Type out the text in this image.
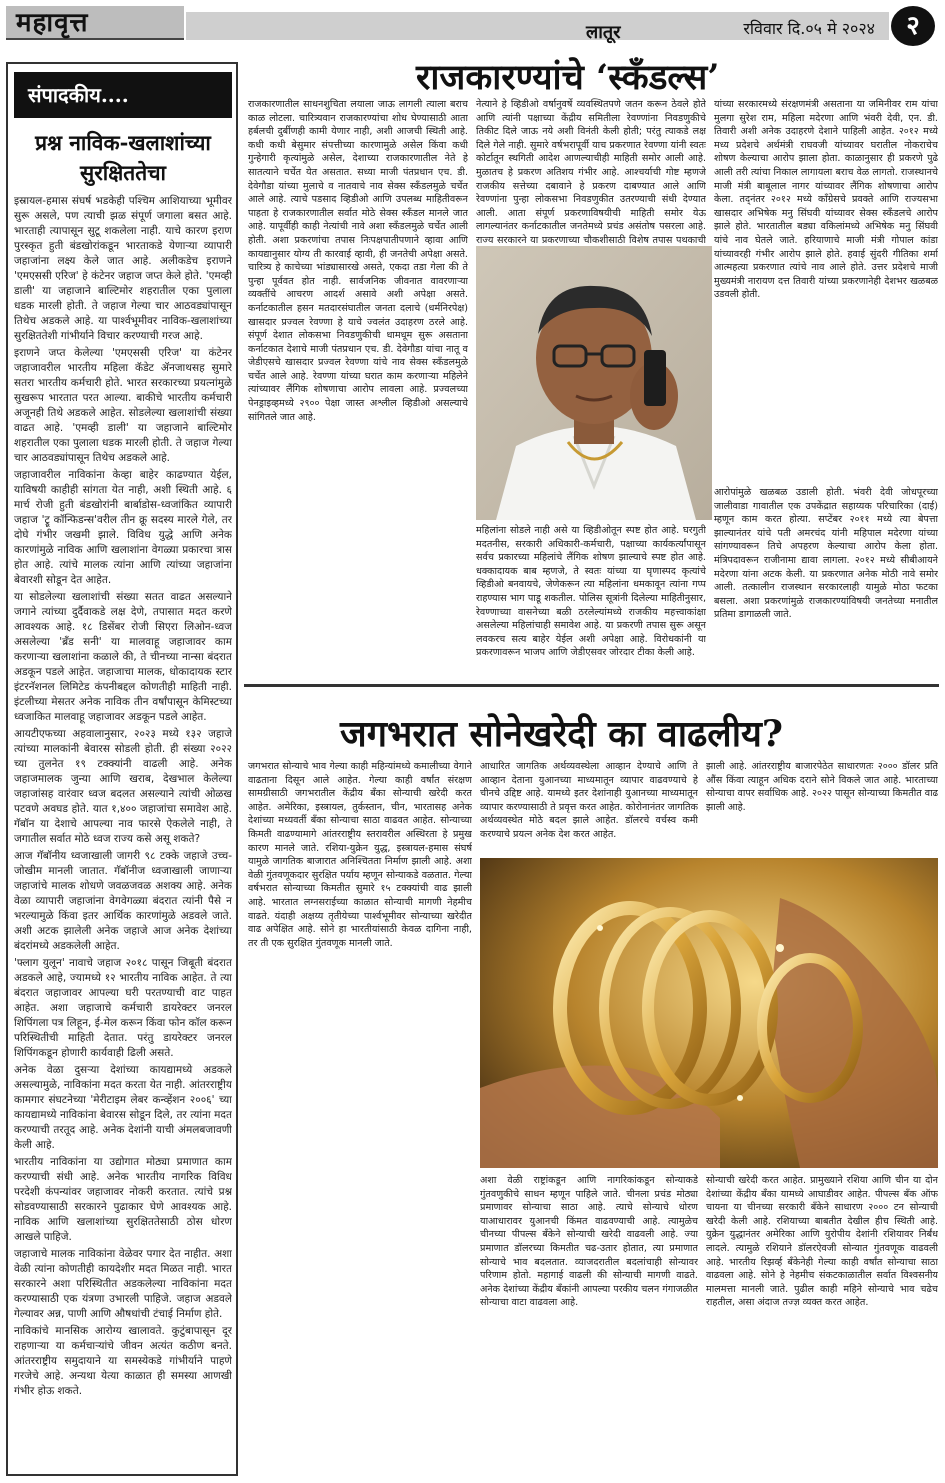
महावृत्त	लातूर	रविवार दि.०५ मे २०२४	२
संपादकीय....
प्रश्न नाविक-खलाशांच्या सुरक्षिततेचा

इस्रायल-हमास संघर्ष भडकेही पश्चिम आशियाच्या भूमीवर सुरू असले, पण त्याची झळ संपूर्ण जगाला बसत आहे. भारताही त्यापासून सुटू शकलेला नाही. याचे कारण इराण पुरस्कृत हुती बंडखोरांकडून भारताकडे येणाऱ्या व्यापारी जहाजांना लक्ष्य केले जात आहे. अलीकडेच इराणने 'एमएससी एरिज' हे कंटेनर जहाज जप्त केले होते. 'एमव्ही डाली' या जहाजाने बाल्टिमोर शहरातील एका पुलाला धडक मारली होती. ते जहाज गेल्या चार आठवड्यांपासून तिथेच अडकले आहे. या पार्श्वभूमीवर नाविक-खलाशांच्या सुरक्षिततेशी गांभीर्याने विचार करण्याची गरज आहे.

इराणने जप्त केलेल्या 'एमएससी एरिज' या कंटेनर जहाजावरील भारतीय महिला कॅडेट ॲनजाथसह सुमारे सतरा भारतीय कर्मचारी होते. भारत सरकारच्या प्रयत्नांमुळे सुखरूप भारतात परत आल्या. बाकीचे भारतीय कर्मचारी अजूनही तिथे अडकले आहेत. सोडलेल्या खलाशांची संख्या वाढत आहे. 'एमव्ही डाली' या जहाजाने बाल्टिमोर शहरातील एका पुलाला धडक मारली होती. ते जहाज गेल्या चार आठवड्यांपासून तिथेच अडकले आहे.

जहाजावरील नाविकांना केव्हा बाहेर काढण्यात येईल, याविषयी काहीही सांगता येत नाही, अशी स्थिती आहे. ६ मार्च रोजी हुती बंडखोरांनी बार्बाडोस-ध्वजांकित व्यापारी जहाज 'ट्रू कॉन्फिडन्स'वरील तीन क्रू सदस्य मारले गेले, तर दोघे गंभीर जखमी झाले. विविध युद्धे आणि अनेक कारणांमुळे नाविक आणि खलाशांना वेगळ्या प्रकारचा त्रास होत आहे. त्यांचे मालक त्यांना आणि त्यांच्या जहाजांना बेवारशी सोडून देत आहेत.

या सोडलेल्या खलाशांची संख्या सतत वाढत असल्याने जगाने त्यांच्या दुर्दैवाकडे लक्ष देणे, तपासात मदत करणे आवश्यक आहे. १८ डिसेंबर रोजी सिएरा लिओन-ध्वज असलेल्या 'ब्रँड सनी' या मालवाहू जहाजावर काम करणाऱ्या खलाशांना कळाले की, ते चीनच्या नान्सा बंदरात अडकून पडले आहेत. जहाजाचा मालक, धोकादायक स्टार इंटरनॅशनल लिमिटेड कंपनीबद्दल कोणतीही माहिती नाही. इंटलीच्या मेसतर अनेक नाविक तीन वर्षांपासून केमिस्टच्या ध्वजाकित मालवाहू जहाजावर अडकून पडले आहेत.

आयटीएफच्या अहवालानुसार, २०२३ मध्ये १३२ जहाजे त्यांच्या मालकांनी बेवारस सोडली होती. ही संख्या २०२२ च्या तुलनेत १९ टक्क्यांनी वाढली आहे. अनेक जहाजमालक जुन्या आणि खराब, देखभाल केलेल्या जहाजांसह वारंवार ध्वज बदलत असल्याने त्यांची ओळख पटवणे अवघड होते. यात १,४०० जहाजांचा समावेश आहे. गॅबॉन या देशाचे आपल्या नाव फारसे ऐकलेले नाही, ते जगातील सर्वात मोठे ध्वज राज्य कसे असू शकते?

आज गॅबॉनीय ध्वजाखाली जागरी ९८ टक्के जहाजे उच्च-जोखीम मानली जातात. गॅबॉनीज ध्वजाखाली जाणाऱ्या जहाजांचे मालक शोधणे जवळजवळ अशक्य आहे. अनेक वेळा व्यापारी जहाजांना वेगवेगळ्या बंदरात त्यांनी पैसे न भरल्यामुळे किंवा इतर आर्थिक कारणांमुळे अडवले जाते. अशी अटक झालेली अनेक जहाजे आज अनेक देशांच्या बंदरांमध्ये अडकलेली आहेत.

'फ्लाग युलून' नावाचे जहाज २०१८ पासून जिबूती बंदरात अडकले आहे, ज्यामध्ये १२ भारतीय नाविक आहेत. ते त्या बंदरात जहाजावर आपल्या घरी परतण्याची वाट पाहत आहेत. अशा जहाजाचे कर्मचारी डायरेक्टर जनरल शिपिंगला पत्र लिहून, ई-मेल करून किंवा फोन कॉल करून परिस्थितीची माहिती देतात. परंतु डायरेक्टर जनरल शिपिंगकडून होणारी कार्यवाही ढिली असते.

अनेक वेळा दुसऱ्या देशांच्या कायद्यामध्ये अडकले असल्यामुळे, नाविकांना मदत करता येत नाही. आंतरराष्ट्रीय कामगार संघटनेच्या 'मेरीटाइम लेबर कन्व्हेंशन २००६' च्या कायद्यामध्ये नाविकांना बेवारस सोडून दिले, तर त्यांना मदत करण्याची तरतूद आहे. अनेक देशांनी याची अंमलबजावणी केली आहे.

भारतीय नाविकांना या उद्योगात मोठ्या प्रमाणात काम करण्याची संधी आहे. अनेक भारतीय नागरिक विविध परदेशी कंपन्यांवर जहाजावर नोकरी करतात. त्यांचे प्रश्न सोडवण्यासाठी सरकारने पुढाकार घेणे आवश्यक आहे. नाविक आणि खलाशांच्या सुरक्षिततेसाठी ठोस धोरण आखले पाहिजे.

जहाजाचे मालक नाविकांना वेळेवर पगार देत नाहीत. अशा वेळी त्यांना कोणतीही कायदेशीर मदत मिळत नाही. भारत सरकारने अशा परिस्थितीत अडकलेल्या नाविकांना मदत करण्यासाठी एक यंत्रणा उभारली पाहिजे. जहाज अडवले गेल्यावर अन्न, पाणी आणि औषधांची टंचाई निर्माण होते.

नाविकांचे मानसिक आरोग्य खालावते. कुटुंबापासून दूर राहणाऱ्या या कर्मचाऱ्यांचे जीवन अत्यंत कठीण बनते. आंतरराष्ट्रीय समुदायाने या समस्येकडे गांभीर्याने पाहणे गरजेचे आहे. अन्यथा येत्या काळात ही समस्या आणखी गंभीर होऊ शकते.

राजकारण्यांचे ‘स्कँडल्स’
राजकारणातील साधनशुचिता लयाला जाऊ लागली त्याला बराच काळ लोटला. चारित्र्यवान राजकारण्यांचा शोध घेण्यासाठी आता हर्बलची दुर्बीणही कामी येणार नाही, अशी आजची स्थिती आहे. कधी कधी बेसुमार संपत्तीच्या कारणामुळे असेल किंवा कधी गुन्हेगारी कृत्यांमुळे असेल, देशाच्या राजकारणातील नेते हे सातत्याने चर्चेत येत असतात. सध्या माजी पंतप्रधान एच. डी. देवेगौडा यांच्या मुलाचे व नातवाचे नाव सेक्स स्कँडलमुळे चर्चेत आले आहे. त्याचे पडसाद व्हिडीओ आणि उपलब्ध माहितीवरून पाहता हे राजकारणातील सर्वात मोठे सेक्स स्कँडल मानले जात आहे. यापूर्वीही काही नेत्यांची नावे अशा स्कँडलमुळे चर्चेत आली होती. अशा प्रकरणांचा तपास निःपक्षपातीपणाने व्हावा आणि कायद्यानुसार योग्य ती कारवाई व्हावी, ही जनतेची अपेक्षा असते. चारित्र्य हे काचेच्या भांड्यासारखे असते, एकदा तडा गेला की ते पुन्हा पूर्ववत होत नाही. सार्वजनिक जीवनात वावरणाऱ्या व्यक्तींचे आचरण आदर्श असावे अशी अपेक्षा असते. कर्नाटकातील हसन मतदारसंघातील जनता दलाचे (धर्मनिरपेक्ष) खासदार प्रज्वल रेवण्णा हे याचे ज्वलंत उदाहरण ठरले आहे. संपूर्ण देशात लोकसभा निवडणुकीची धामधूम सुरू असताना कर्नाटकात देशाचे माजी पंतप्रधान एच. डी. देवेगौडा यांचा नातू व जेडीएसचे खासदार प्रज्वल रेवण्णा यांचे नाव सेक्स स्कँडलमुळे चर्चेत आले आहे. रेवण्णा यांच्या घरात काम करणाऱ्या महिलेने त्यांच्यावर लैंगिक शोषणाचा आरोप लावला आहे. प्रज्वलच्या पेनड्राइव्हमध्ये २९०० पेक्षा जास्त अश्लील व्हिडीओ असल्याचे सांगितले जात आहे.
नेत्याने हे व्हिडीओ वर्षानुवर्षे व्यवस्थितपणे जतन करून ठेवले होते आणि त्यांनी पक्षाच्या केंद्रीय समितीला रेवण्णांना निवडणुकीचे तिकीट दिले जाऊ नये अशी विनंती केली होती; परंतु त्याकडे लक्ष दिले गेले नाही. सुमारे वर्षभरापूर्वी याच प्रकरणात रेवण्णा यांनी स्वतः कोर्टातून स्थगिती आदेश आणल्याचीही माहिती समोर आली आहे. मुळातच हे प्रकरण अतिशय गंभीर आहे. आश्चर्याची गोष्ट म्हणजे राजकीय सत्तेच्या दबावाने हे प्रकरण दाबण्यात आले आणि रेवण्णांना पुन्हा लोकसभा निवडणुकीत उतरण्याची संधी देण्यात आली. आता संपूर्ण प्रकरणाविषयीची माहिती समोर येऊ लागल्यानंतर कर्नाटकातील जनतेमध्ये प्रचंड असंतोष पसरला आहे. राज्य सरकारने या प्रकरणाच्या चौकशीसाठी विशेष तपास पथकाची
यांच्या सरकारमध्ये संरक्षणमंत्री असताना या जमिनीवर राम यांचा मुलगा सुरेश राम, महिला मदेरणा आणि भंवरी देवी, एन. डी. तिवारी अशी अनेक उदाहरणे देशाने पाहिली आहेत. २०१२ मध्ये मध्य प्रदेशचे अर्थमंत्री राघवजी यांच्यावर घरातील नोकराचेच शोषण केल्याचा आरोप झाला होता. काळानुसार ही प्रकरणे पुढे आली तरी त्यांचा निकाल लागायला बराच वेळ लागतो. राजस्थानचे माजी मंत्री बाबूलाल नागर यांच्यावर लैंगिक शोषणाचा आरोप केला. तद्नंतर २०१२ मध्ये काँग्रेसचे प्रवक्ते आणि राज्यसभा खासदार अभिषेक मनु सिंघवी यांच्यावर सेक्स स्कँडलचे आरोप झाले होते. भारतातील बड्या वकिलांमध्ये अभिषेक मनु सिंघवी यांचे नाव घेतले जाते. हरियाणाचे माजी मंत्री गोपाल कांडा यांच्यावरही गंभीर आरोप झाले होते. हवाई सुंदरी गीतिका शर्मा आत्महत्या प्रकरणात त्यांचे नाव आले होते. उत्तर प्रदेशचे माजी मुख्यमंत्री नारायण दत्त तिवारी यांच्या प्रकरणानेही देशभर खळबळ उडवली होती.
महिलांना सोडले नाही असे या व्हिडीओतून स्पष्ट होत आहे. घरगुती मदतनीस, सरकारी अधिकारी-कर्मचारी, पक्षाच्या कार्यकर्त्यांपासून सर्वच प्रकारच्या महिलांचे लैंगिक शोषण झाल्याचे स्पष्ट होत आहे. धक्कादायक बाब म्हणजे, ते स्वतः यांच्या या घृणास्पद कृत्यांचे व्हिडीओ बनवायचे, जेणेकरून त्या महिलांना धमकावून त्यांना गप्प राहण्यास भाग पाडू शकतील. पोलिस सूत्रांनी दिलेल्या माहितीनुसार, रेवण्णाच्या वासनेच्या बळी ठरलेल्यांमध्ये राजकीय महत्त्वाकांक्षा असलेल्या महिलांचाही समावेश आहे. या प्रकरणी तपास सुरू असून लवकरच सत्य बाहेर येईल अशी अपेक्षा आहे. विरोधकांनी या प्रकरणावरून भाजप आणि जेडीएसवर जोरदार टीका केली आहे.
आरोपांमुळे खळबळ उडाली होती. भंवरी देवी जोधपूरच्या जालीवाडा गावातील एक उपकेंद्रात सहाय्यक परिचारिका (दाई) म्हणून काम करत होत्या. सप्टेंबर २०११ मध्ये त्या बेपत्ता झाल्यानंतर यांचे पती अमरचंद यांनी महिपाल मदेरणा यांच्या सांगण्यावरून तिचे अपहरण केल्याचा आरोप केला होता. मंत्रिपदावरून राजीनामा द्यावा लागला. २०१२ मध्ये सीबीआयने मदेरणा यांना अटक केली. या प्रकरणात अनेक मोठी नावे समोर आली. तत्कालीन राजस्थान सरकारलाही यामुळे मोठा फटका बसला. अशा प्रकरणांमुळे राजकारण्यांविषयी जनतेच्या मनातील प्रतिमा डागाळली जाते.
जगभरात सोनेखरेदी का वाढलीय?
जगभरात सोन्याचे भाव गेल्या काही महिन्यांमध्ये कमालीच्या वेगाने वाढताना दिसून आले आहेत. गेल्या काही वर्षांत संरक्षण सामग्रीसाठी जगभरातील केंद्रीय बँका सोन्याची खरेदी करत आहेत. अमेरिका, इस्त्रायल, तुर्कस्तान, चीन, भारतासह अनेक देशांच्या मध्यवर्ती बँका सोन्याचा साठा वाढवत आहेत. सोन्याच्या किमती वाढण्यामागे आंतरराष्ट्रीय स्तरावरील अस्थिरता हे प्रमुख कारण मानले जाते. रशिया-युक्रेन युद्ध, इस्त्रायल-हमास संघर्ष यामुळे जागतिक बाजारात अनिश्चितता निर्माण झाली आहे. अशा वेळी गुंतवणूकदार सुरक्षित पर्याय म्हणून सोन्याकडे वळतात. गेल्या वर्षभरात सोन्याच्या किमतीत सुमारे १५ टक्क्यांची वाढ झाली आहे. भारतात लग्नसराईच्या काळात सोन्याची मागणी नेहमीच वाढते. यंदाही अक्षय्य तृतीयेच्या पार्श्वभूमीवर सोन्याच्या खरेदीत वाढ अपेक्षित आहे. सोने हा भारतीयांसाठी केवळ दागिना नाही, तर ती एक सुरक्षित गुंतवणूक मानली जाते.
आधारित जागतिक अर्थव्यवस्थेला आव्हान देण्याचे आणि ते आव्हान देताना युआनच्या माध्यमातून व्यापार वाढवण्याचे हे चीनचे उद्दिष्ट आहे. यामध्ये इतर देशांनाही युआनच्या माध्यमातून व्यापार करण्यासाठी ते प्रवृत्त करत आहेत. कोरोनानंतर जागतिक अर्थव्यवस्थेत मोठे बदल झाले आहेत. डॉलरचे वर्चस्व कमी करण्याचे प्रयत्न अनेक देश करत आहेत.
झाली आहे. आंतरराष्ट्रीय बाजारपेठेत साधारणतः २००० डॉलर प्रति औंस किंवा त्याहून अधिक दराने सोने विकले जात आहे. भारताच्या सोन्याचा वापर सर्वाधिक आहे. २०२२ पासून सोन्याच्या किमतीत वाढ झाली आहे.
अशा वेळी राष्ट्रांकडून आणि नागरिकांकडून सोन्याकडे गुंतवणुकीचे साधन म्हणून पाहिले जाते. चीनला प्रचंड मोठ्या प्रमाणावर सोन्याचा साठा आहे. त्याचे सोन्याचे धोरण याआधारावर युआनची किंमत वाढवण्याची आहे. त्यामुळेच चीनच्या पीपल्स बँकेने सोन्याची खरेदी वाढवली आहे. ज्या प्रमाणात डॉलरच्या किमतीत चढ-उतार होतात, त्या प्रमाणात सोन्याचे भाव बदलतात. व्याजदरातील बदलांचाही सोन्यावर परिणाम होतो. महागाई वाढली की सोन्याची मागणी वाढते. अनेक देशांच्या केंद्रीय बँकांनी आपल्या परकीय चलन गंगाजळीत सोन्याचा वाटा वाढवला आहे.
सोन्याची खरेदी करत आहेत. प्रामुख्याने रशिया आणि चीन या दोन देशांच्या केंद्रीय बँका यामध्ये आघाडीवर आहेत. पीपल्स बँक ऑफ चायना या चीनच्या सरकारी बँकेने साधारण २००० टन सोन्याची खरेदी केली आहे. रशियाच्या बाबतीत देखील हीच स्थिती आहे. युक्रेन युद्धानंतर अमेरिका आणि युरोपीय देशांनी रशियावर निर्बंध लादले. त्यामुळे रशियाने डॉलरऐवजी सोन्यात गुंतवणूक वाढवली आहे. भारतीय रिझर्व्ह बँकेनेही गेल्या काही वर्षांत सोन्याचा साठा वाढवला आहे. सोने हे नेहमीच संकटकाळातील सर्वात विश्वसनीय मालमत्ता मानली जाते. पुढील काही महिने सोन्याचे भाव चढेच राहतील, असा अंदाज तज्ज्ञ व्यक्त करत आहेत.
